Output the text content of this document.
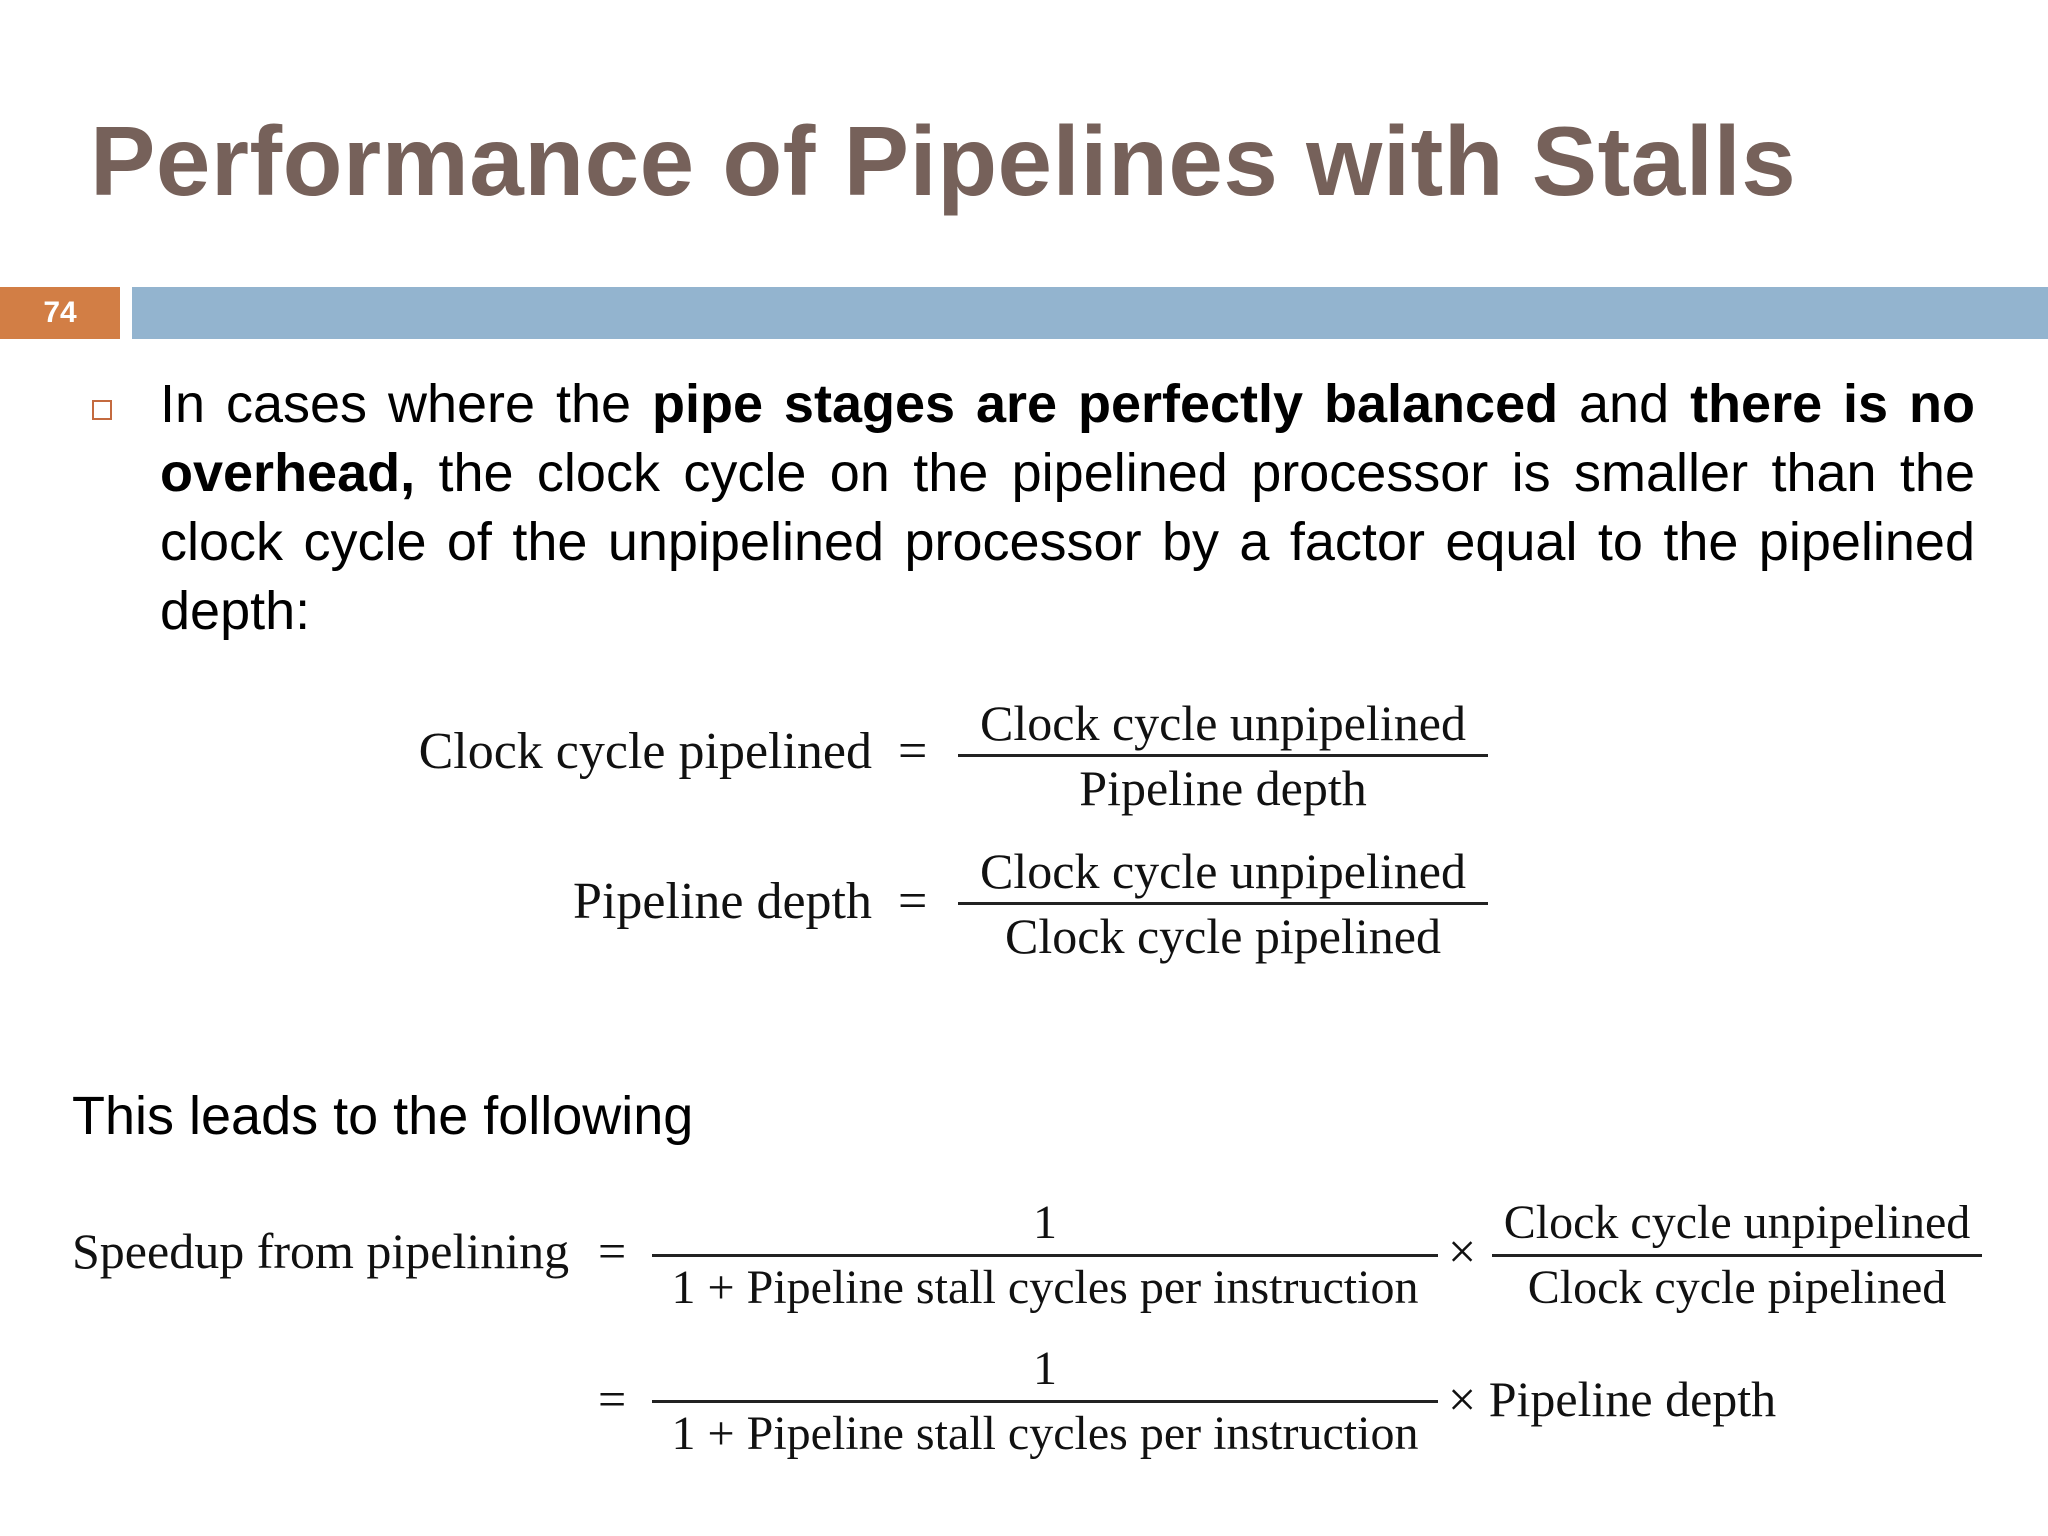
Performance of Pipelines with Stalls
74
In cases where the pipe stages are perfectly balanced and there is no overhead, the clock cycle on the pipelined processor is smaller than the clock cycle of the unpipelined processor by a factor equal to the pipelined depth:
Clock cycle pipelined =	Clock cycle unpipelined
Pipeline depth
Pipeline depth =
Clock cycle unpipelined
Clock cycle pipelined
This leads to the following
Speedup from pipelining =
1
1 + Pipeline stall cycles per instruction
×
Clock cycle unpipelined
Clock cycle pipelined
=
1
1 + Pipeline stall cycles per instruction
× Pipeline depth
